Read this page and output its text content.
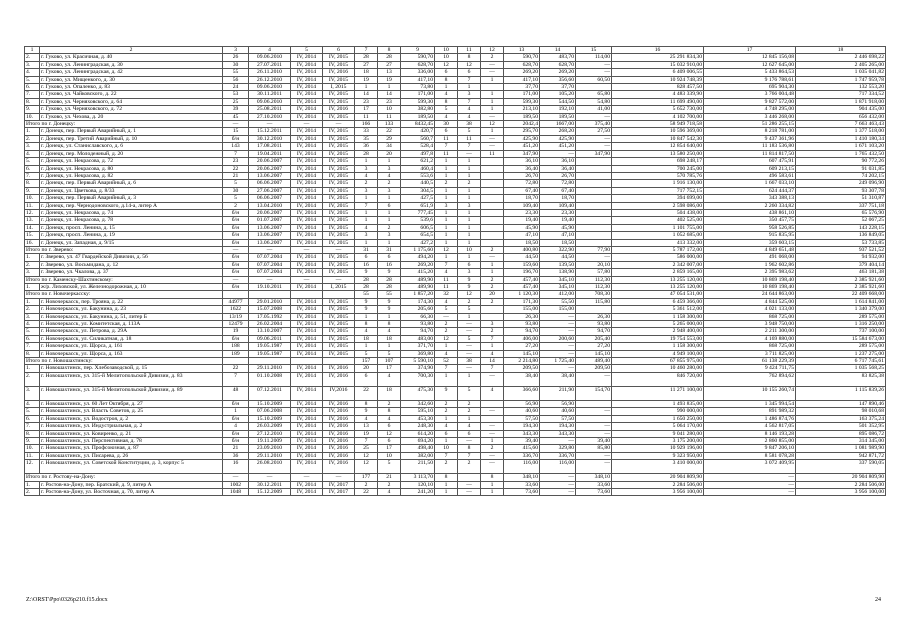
1	2	3	4	5	6	7	8	9	10	11	12	13	14	15	16	17	18
2.	г. Гуково, ул. Красичная, д. 40	26	09.06.2010	IV, 2014	IV, 2015	28	28	590,70	10	8	2	590,70	483,70	114,00	25 291 834,30	12 845 156,08	2 446 698,22
3.	г. Гуково, ул. Ленинградская, д. 30	30	27.07.2011	IV, 2014	IV, 2015	27	27	628,70	12	12	—	628,70	628,70	—	15 032 910,00	12 627 645,00	2 405 265,00
4.	г. Гуково, ул. Ленинградская, д. 42	55	26.11.2010	IV, 2014	IV, 2016	18	13	336,00	6	6	—	269,20	269,20	—	6 409 006,55	5 433 864,53	1 035 041,82
5.	г. Гуково, ул. Мищенкого, д. 30	56	26.12.2010	IV, 2014	IV, 2015	19	19	417,10	8	7	1	417,10	356,60	60,50	10 924 748,39	9 176 788,61	1 747 959,78
6.	г. Гуково, ул. Опаленко, д. 83	24	09.06.2010	IV, 2014	I, 2015	1	1	73,80	1	1		37,70	37,70		828 457,50	695 904,30	132 553,20
7.	г. Гуково, ул. Чайковского, д. 22	53	30.11.2011	IV, 2014	IV, 2015	14	14	171,00	4	3	1	171,00	105,20	65,80	4 483 339,90	3 766 004,48	717 334,52
8.	г. Гуково, ул. Черняховского, д. 64	25	09.06.2010	IV, 2014	IV, 2015	23	23	599,30	8	7	1	599,30	544,50	54,80	11 699 490,00	9 827 572,00	1 871 918,00
9.	г. Гуково, ул. Черняховского, д. 72	39	25.08.2011	IV, 2014	IV, 2016	17	10	382,80	5	4	1	213,10	192,10	41,00	5 652 730,00	4 748 295,00	904 435,00
10.	г. Гуково, ул. Чехова, д. 20	45	27.10.2010	IV, 2014	IV, 2015	11	11	189,50	4	4	—	189,50	189,50	—	4 102 700,00	3 446 268,00	656 432,00
Итого по г. Донецку:		—	—	—	—	166	133	8432,45	30	38	12	2042,4	1667,00	375,40	58 949 718,58	51 286 255,15	7 663 463,43
1.	г. Донецк, пер. Первый Аварийный, д. 1	15	15.12.2011	IV, 2014	IV, 2015	33	22	420,7	6	5	1	295,70	268,20	27,50	10 596 369,00	8 218 781,00	1 377 518,00
2.	г. Донецк, пер. Третий Аварийный, д. 10	б/н	30.12.2010	IV, 2014	IV, 2015	35	29	560,7	11	11	—	425,90	425,90	—	10 847 542,30	9 437 361,96	1 410 180,34
3.	г. Донецк, ул. Станиславского, д. 6	143	17.08.2011	IV, 2014	IV, 2015	36	34	528,4	7	7	—	451,20	451,20	—	12 854 640,00	11 183 536,80	1 671 103,20
4.	г. Донецк, пер. Молодежный, д. 20	7	19.04.2011	IV, 2014	IV, 2015	28	20	497,8	11	—	11	347,90	—	347,90	13 580 250,00	11 814 817,50	1 765 432,50
5.	г. Донецк, ул. Некрасова, д. 72	23	20.06.2007	IV, 2014	IV, 2015	1	1	621,2	1	1		36,10	36,10		698 248,17	607 475,91	90 772,26
6.	г. Донецк, ул. Некрасова, д. 80	22	20.06.2007	IV, 2014	IV, 2015	3	3	460,4	1	1		36,40	36,40		700 245,00	609 213,15	91 031,85
7.	г. Донецк, ул. Некрасова, д. 82	21	13.06.2007	IV, 2014	IV, 2015	4	4	553,6	1	1		26,70	26,70		570 785,76	496 583,61	74 202,15
8.	г. Донецк, пер. Первый Аварийный, д. 6	5	06.06.2007	IV, 2014	IV, 2015	2	2	440,5	2	2		72,80	72,80		1 916 130,00	1 667 033,10	249 096,90
9.	г. Донецк, ул. Цветкова, д. 8/33	30	27.06.2007	IV, 2014	IV, 2015	3	3	304,5	1	1		67,40	67,40		717 752,15	624 444,37	93 307,78
10.	г. Донецк, пер. Первый Аварийный, д. 3	5	06.06.2007	IV, 2014	IV, 2015	1	1	427,5	1	1		18,70	18,70		394 699,00	343 388,13	51 310,87
11.	г. Донецк, пер. Чернодоновского, д.14-а, литер А	2	13.04.2010	IV, 2014	IV, 2015	7	6	651,9	3	3		109,40	109,40		2 598 086,00	2 260 334,82	337 751,18
12.	г. Донецк, ул. Некрасова, д. 74	б/н	20.06.2007	IV, 2014	IV, 2015	1	1	777,45	1	1		23,30	23,30		504 438,00	438 861,10	65 576,90
13.	г. Донецк, ул. Некрасова, д. 78	б/н	01.07.2007	IV, 2014	IV, 2015	1	1	539,6	1	1		19,40	19,40		402 525,00	350 457,75	52 067,25
14.	г. Донецк, просп. Ленина, д. 15	б/н	13.06.2007	IV, 2014	IV, 2015	4	2	606,5	1	1		45,90	45,90		1 101 755,00	958 526,85	143 228,15
15.	г. Донецк, просп. Ленина, д. 19	б/н	13.06.2007	IV, 2014	IV, 2015	3	3	654,5	1	1		47,10	47,10		1 052 685,00	915 835,95	136 849,05
16.	г. Донецк, ул. Западная, д. 9/15	б/н	13.06.2007	IV, 2014	IV, 2015	1	1	427,2	1	1		18,50	18,50		413 332,00	359 603,15	53 733,85
Итого по г. Зверево:		—	—	—	—	31	31	1 175,60	12	10	2	400,80	322,90	77,90	5 787 172,00	4 849 651,48	937 521,52
1.	г. Зверево, ул. 47 Гвардейской Дивизии, д. 56	б/н	07.07.2004	IV, 2014	IV, 2015	6	6	494,20	1	1	—	44,50	44,50	—	586 000,00	491 068,00	94 932,00
2.	г. Зверево, ул. Восьмидана, д. 12	б/н	07.07.2004	IV, 2014	IV, 2015	16	16	269,20	7	6	1	159,60	139,50	20,10	2 342 007,00	1 962 602,86	379 404,14
3.	г. Зверево, ул. Чкалова, д. 37	б/н	07.07.2004	IV, 2014	IV, 2015	9	9	415,20	4	3	1	196,70	138,90	57,80	2 859 165,00	2 395 983,62	463 181,38
Итого по г. Каменску-Шахтинскому:		—	—	—	—	28	28	489,90	11	9	2	457,40	345,10	112,30	13 255 120,00	10 869 198,40	2 385 921,60
1.	ж/р. Лиховской, ул. Железнодорожная, д. 10	б/н	19.10.2011	IV, 2014	I, 2015	28	28	489,90	11	9	2	457,40	345,10	112,30	13 255 120,00	10 869 198,40	2 385 921,60
Итого по г. Новочеркасску:						55	55	1 857,20	32	12	20	1 120,30	412,00	708,30	47 054 531,00	24 644 863,00	22 409 668,00
1.	г. Новочеркасск, пер. Трояна, д. 22	44977	29.01.2010	IV, 2014	IV, 2015	9	9	174,30	4	2	2	171,30	55,50	115,80	6 459 366,00	4 844 525,00	1 614 841,00
2.	г. Новочеркасск, ул. Бакунина, д. 23	1622	15.07.2008	IV, 2014	IV, 2015	9	9	205,60	5	5		155,00	155,00		5 361 512,00	4 021 133,00	1 340 379,00
3.	г. Новочеркасск, ул. Бакунина, д. 51, литер Б	13/19	17.05.1992	IV, 2014	IV, 2015	1	1	66,30	—	1		26,30	—	26,30	1 158 300,00	868 725,00	289 575,00
4.	г. Новочеркасск, ул. Комитетская, д. 113А	12479	26.02.2004	IV, 2014	IV, 2015	8	8	93,80	2	—	3	93,80	—	93,80	5 265 000,00	3 948 750,00	1 316 250,00
5.	г. Новочеркасск, ул. Петрова, д. 29А	19	13.10.2007	IV, 2014	IV, 2015	4	4	94,70	2	—	2	94,70	—	94,70	2 948 400,00	2 211 300,00	737 100,00
6.	г. Новочеркасск, ул. Силикатная, д. 18	б/н	09.06.2011	IV, 2014	IV, 2015	18	18	483,00	12	5	7	406,00	200,60	205,40	19 754 553,00	4 169 880,00	15 584 673,00
7.	г. Новочеркасск, ул. Щорса, д. 161	188	19.05.1987	IV, 2014	IV, 2015	1	1	371,70	1	—	1	27,20	—	27,20	1 158 300,00	868 725,00	289 575,00
8.	г. Новочеркасск, ул. Щорса, д. 163	189	19.05.1987	IV, 2014	IV, 2015	5	5	369,80	4	—	4	145,10	—	145,10	4 949 100,00	3 711 825,00	1 237 275,00
Итого по г. Новошахтинску:						157	107	5 590,10	52	38	14	2 214,80	1 725,40	489,40	67 855 975,00	61 138 229,39	6 717 745,61
1.	г. Новошахтинск, пер. Хлебозаводской, д. 15	22	29.11.2010	IV, 2014	IV, 2016	20	17	374,90	7	—	7	209,50	—	209,50	10 460 280,00	9 424 711,75	1 035 568,25
2.	г. Новошахтинск, ул. 315-й Мелитопольской Дивизии, д. 83	7	01.10.2008	IV, 2014	IV, 2016	6	4	700,30	1	1	—	38,40	38,40	—	846 720,00	762 894,62	83 825,38
3.	г. Новошахтинск, ул. 315-й Мелитопольской Дивизии, д. 89	48	07.12.2011	IV, 2014	IV,2016	22	18	475,30	9	5	4	366,60	211,90	154,70	11 271 100,00	10 155 260,74	1 115 839,26
4.	г. Новошахтинск, ул. 60 Лет Октября, д. 27	б/н	15.10.2009	IV, 2014	IV, 2016	8	2	342,60	2	2		56,90	56,90		1 493 835,00	1 345 994,54	147 890,46
5.	г. Новошахтинск, ул. Власть Советов, д. 25	1	07.06.2008	IV, 2014	IV, 2016	9	8	595,10	2	2	—	40,60	40,60	—	990 000,00	891 989,32	98 010,68
6.	г. Новошахтинск, ул. Водостроя, д. 2	б/н	15.10.2009	IV, 2014	IV, 2016	4	4	453,30	1	1		57,50	57,50		1 650 250,00	1 486 874,76	163 375,24
7.	г. Новошахтинск, ул. Индустриальная, д. 2	4	26.03.2009	IV, 2014	IV, 2016	13	6	248,30	4	4	—	194,30	194,30	—	5 064 170,00	4 562 817,05	501 352,95
8.	г. Новошахтинск, ул. Ковиренко, д. 21	б/н	27.12.2010	IV, 2014	IV, 2016	19	12	614,20	6	6	—	343,30	343,30	—	9 041 280,00	8 146 193,28	895 086,72
9.	г. Новошахтинск, ул. Перспективная, д. 78	б/н	19.11.2009	IV, 2014	IV, 2016	7	6	694,20	1	—	1	39,40	—	39,40	3 175 200,00	2 860 855,00	314 345,00
10.	г. Новошахтинск, ул. Профсоюзная, д. 87	21	23.09.2010	IV, 2014	IV, 2016	25	17	498,40	10	8	2	415,60	329,80	85,80	10 929 196,00	9 847 206,10	1 081 989,90
11.	г. Новошахтинск, ул. Писарева, д. 26	36	29.11.2010	IV, 2014	IV, 2016	12	10	382,00	7	7	—	336,70	336,70	—	9 323 950,00	8 581 078,28	942 871,72
12.	г. Новошахтинск, ул. Советской Конституции, д. 3, корпус 5	16	26.08.2010	IV, 2014	IV, 2016	12	5	211,50	2	2	—	116,00	116,00	—	3 410 000,00	3 072 409,95	337 590,05
Итого по г. Ростову-на-Дону:		—	—	—	—	177	21	3 113,70	8		8	348,10	—	348,10	20 904 809,90	—	20 904 809,90
1.	г. Ростов-на-Дону, пер. Братский, д. 9, литер А	1002	30.12.2011	IV, 2014	IV, 2017	2	2	120,10	1	—	1	33,60	—	33,60	2 284 506,00	—	2 284 506,00
2.	г. Ростов-на-Дону, ул. Восточная, д. 70, литер А	1048	15.12.2009	IV, 2014	IV, 2017	22	4	241,20	1	—	1	73,60	—	73,60	3 956 100,00	—	3 956 100,00
Z:\ORST\Ppo\0326p210.f15.docx	24
